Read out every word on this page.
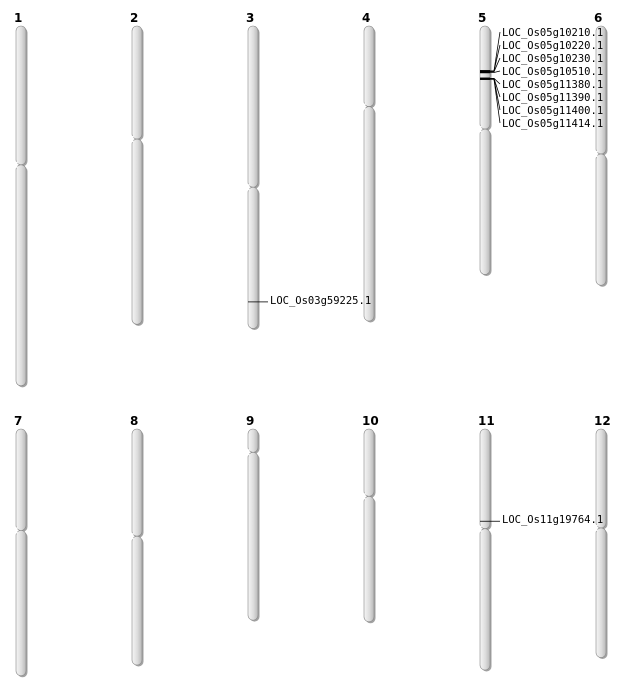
1	2	3	4	5	6
7	8	9	10	11	12
LOC_Os03g59225.1
LOC_Os05g10210.1
LOC_Os05g10220.1
LOC_Os05g10230.1
LOC_Os05g10510.1
LOC_Os05g11380.1
LOC_Os05g11390.1
LOC_Os05g11400.1
LOC_Os05g11414.1
LOC_Os11g19764.1
